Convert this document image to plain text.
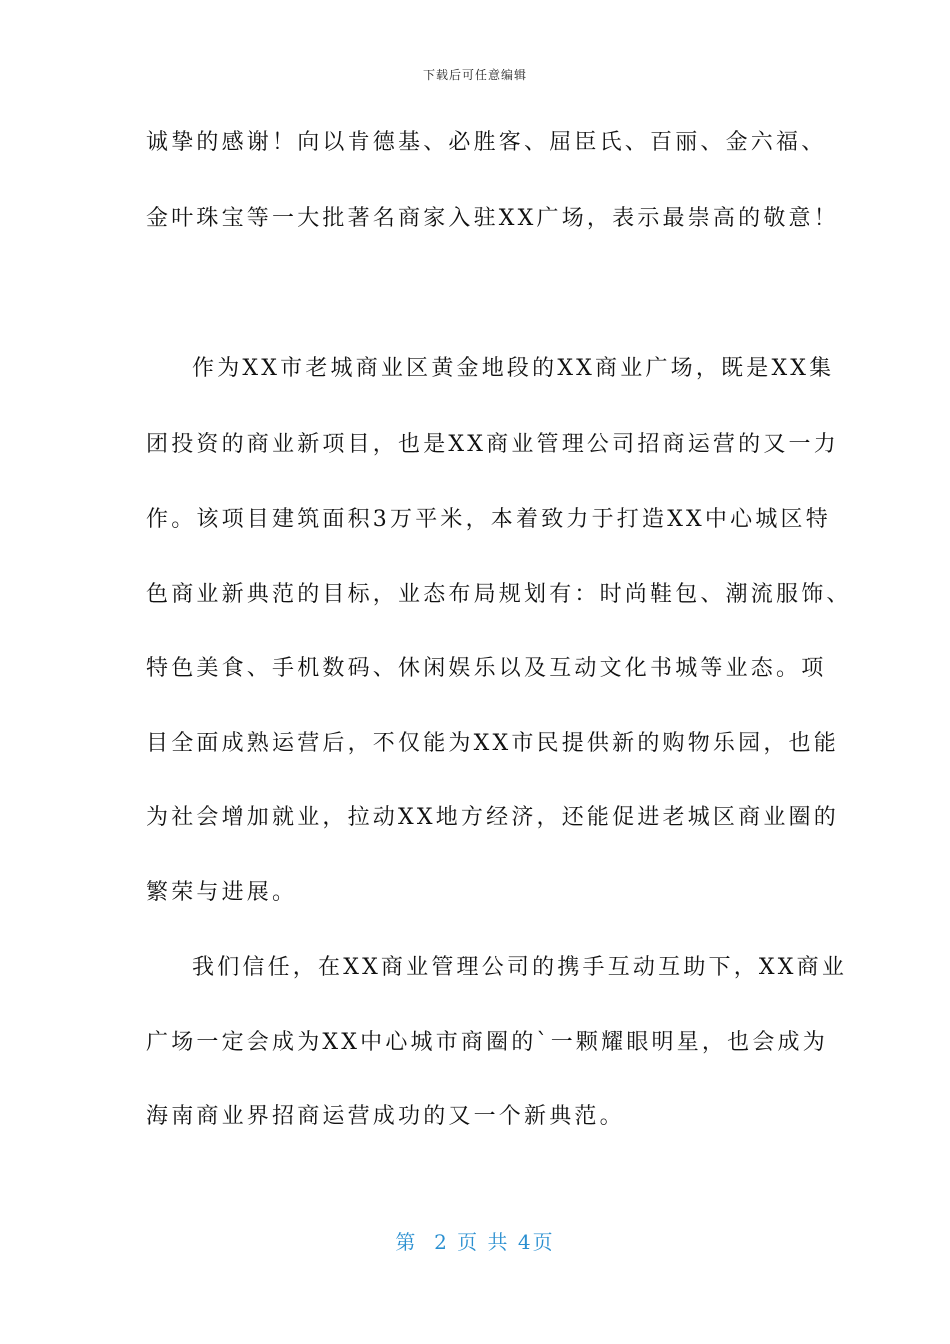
下载后可任意编辑
诚挚的感谢！向以肯德基、必胜客、屈臣氏、百丽、金六福、
金叶珠宝等一大批著名商家入驻XX广场，表示最崇高的敬意！
作为XX市老城商业区黄金地段的XX商业广场，既是XX集
团投资的商业新项目，也是XX商业管理公司招商运营的又一力
作。该项目建筑面积3万平米，本着致力于打造XX中心城区特
色商业新典范的目标，业态布局规划有：时尚鞋包、潮流服饰、
特色美食、手机数码、休闲娱乐以及互动文化书城等业态。项
目全面成熟运营后，不仅能为XX市民提供新的购物乐园，也能
为社会增加就业，拉动XX地方经济，还能促进老城区商业圈的
繁荣与进展。
我们信任，在XX商业管理公司的携手互动互助下，XX商业
广场一定会成为XX中心城市商圈的`一颗耀眼明星，也会成为
海南商业界招商运营成功的又一个新典范。
第  2 页 共 4页
